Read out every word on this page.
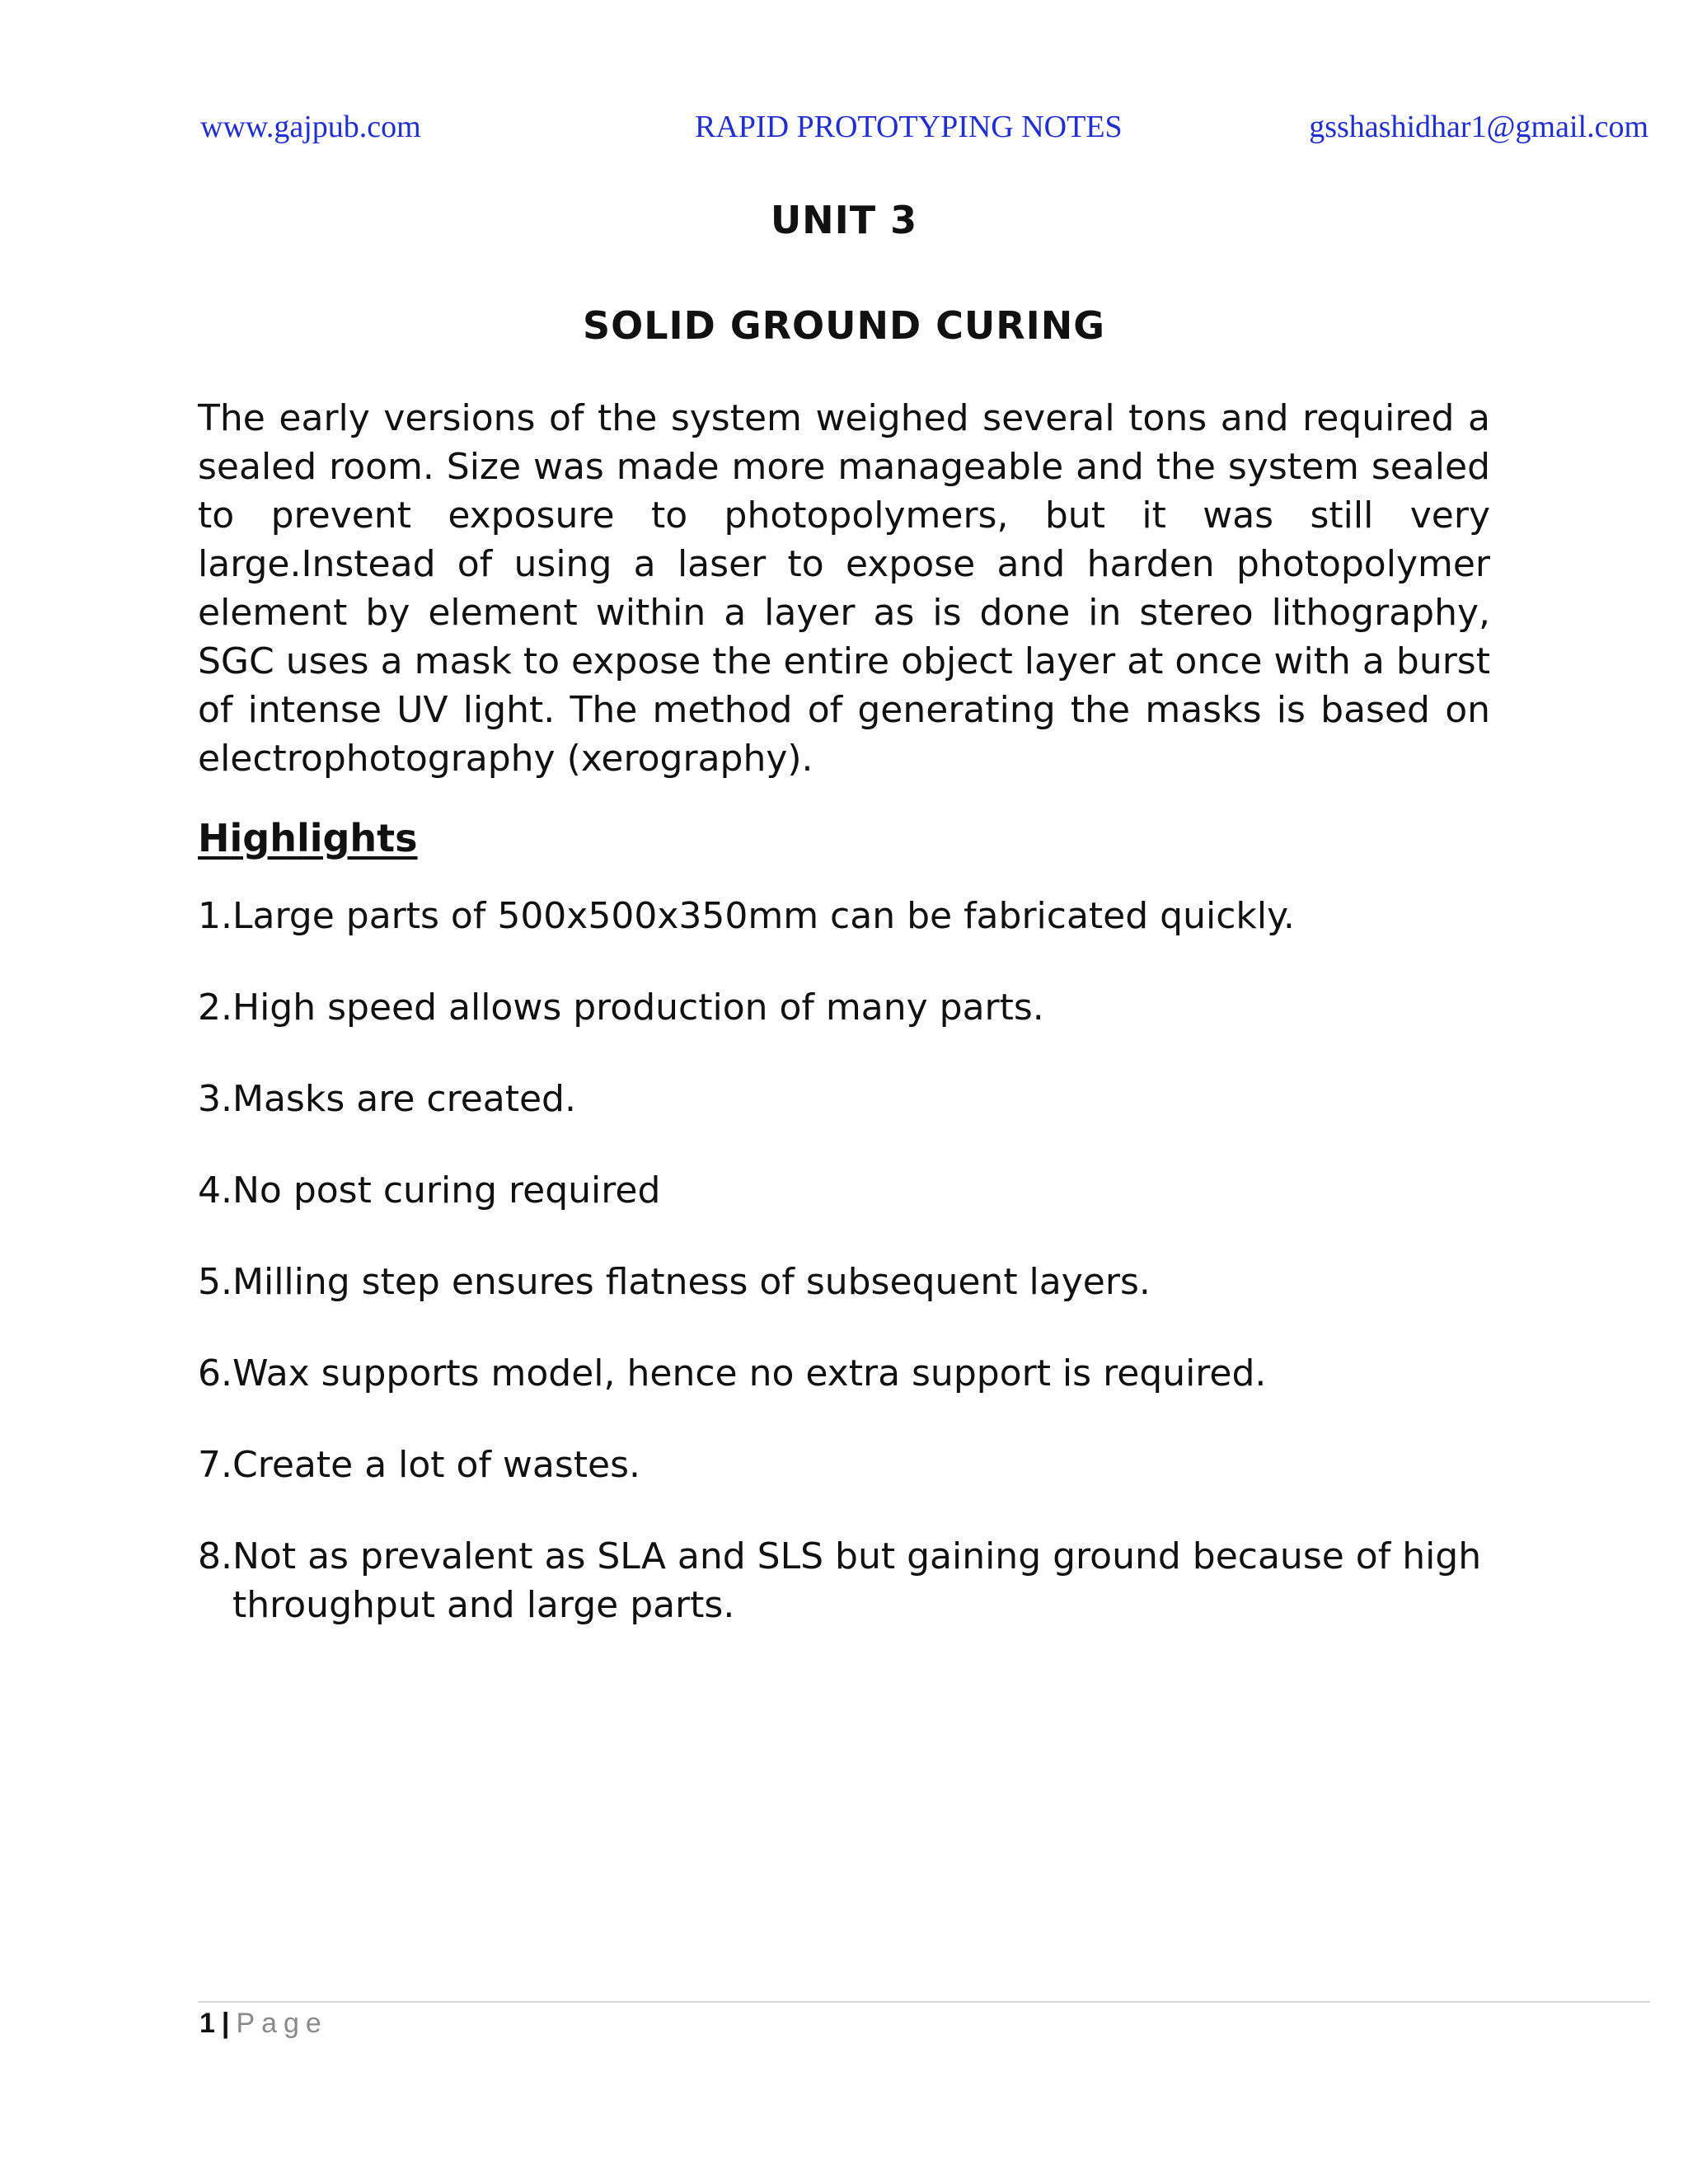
www.gajpub.com	RAPID PROTOTYPING NOTES	gsshashidhar1@gmail.com
UNIT 3
SOLID GROUND CURING

The early versions of the system weighed several tons and required a sealed room. Size was made more manageable and the system sealed to prevent exposure to photopolymers, but it was still very large.Instead of using a laser to expose and harden photopolymer element by element within a layer as is done in stereo lithography, SGC uses a mask to expose the entire object layer at once with a burst of intense UV light. The method of generating the masks is based on electrophotography (xerography).

Highlights
1. Large parts of 500x500x350mm can be fabricated quickly.
2. High speed allows production of many parts.
3. Masks are created.
4. No post curing required
5. Milling step ensures flatness of subsequent layers.
6. Wax supports model, hence no extra support is required.
7. Create a lot of wastes.
8. Not as prevalent as SLA and SLS but gaining ground because of high throughput and large parts.
1 | Page
